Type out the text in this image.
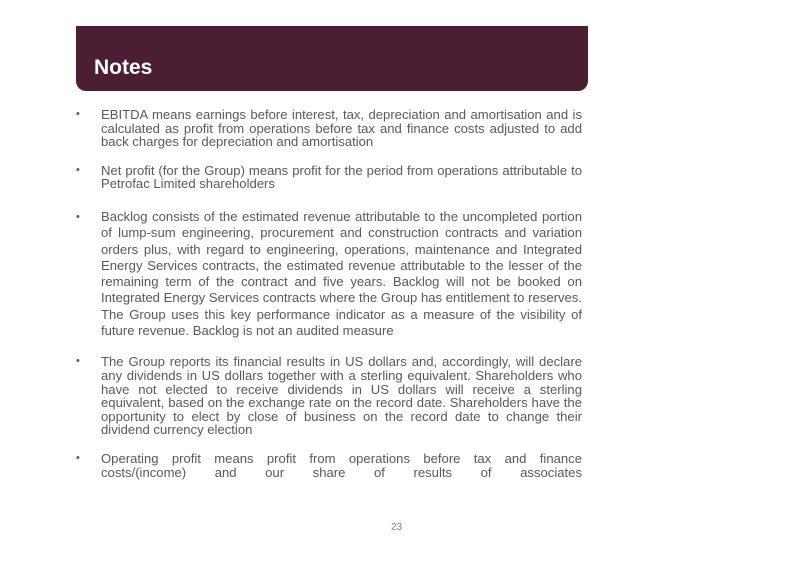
Notes
• EBITDA means earnings before interest, tax, depreciation and amortisation and is calculated as profit from operations before tax and finance costs adjusted to add back charges for depreciation and amortisation
• Net profit (for the Group) means profit for the period from operations attributable to Petrofac Limited shareholders
• Backlog consists of the estimated revenue attributable to the uncompleted portion of lump-sum engineering, procurement and construction contracts and variation orders plus, with regard to engineering, operations, maintenance and Integrated Energy Services contracts, the estimated revenue attributable to the lesser of the remaining term of the contract and five years. Backlog will not be booked on Integrated Energy Services contracts where the Group has entitlement to reserves. The Group uses this key performance indicator as a measure of the visibility of future revenue. Backlog is not an audited measure
• The Group reports its financial results in US dollars and, accordingly, will declare any dividends in US dollars together with a sterling equivalent. Shareholders who have not elected to receive dividends in US dollars will receive a sterling equivalent, based on the exchange rate on the record date. Shareholders have the opportunity to elect by close of business on the record date to change their dividend currency election
• Operating profit means profit from operations before tax and finance costs/(income) and our share of results of associates
23
